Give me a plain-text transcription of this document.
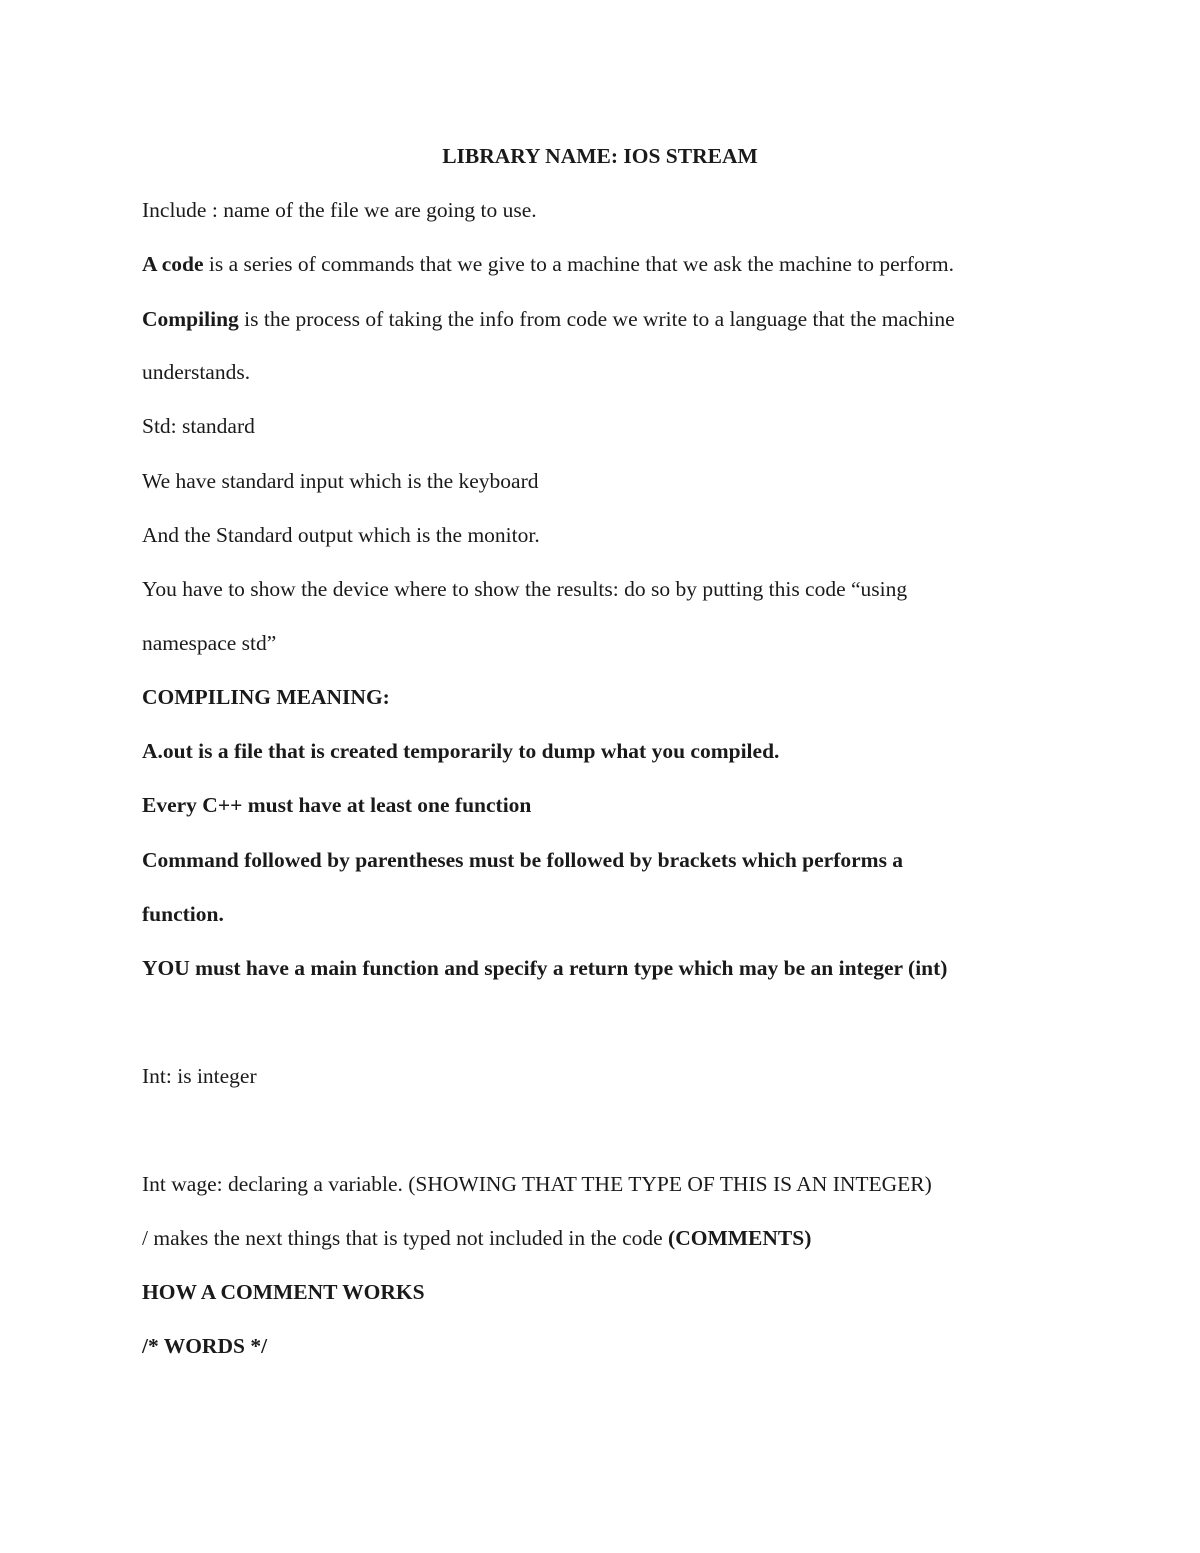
LIBRARY NAME: IOS STREAM
Include : name of the file we are going to use.
A code is a series of commands that we give to a machine that we ask the machine to perform.
Compiling is the process of taking the info from code we write to a language that the machine
understands.
Std: standard
We have standard input which is the keyboard
And the Standard output which is the monitor.
You have to show the device where to show the results: do so by putting this code “using
namespace std”
COMPILING MEANING:
A.out is a file that is created temporarily to dump what you compiled.
Every C++ must have at least one function
Command followed by parentheses must be followed by brackets which performs a
function.
YOU must have a main function and specify a return type which may be an integer (int)
Int: is integer
Int wage: declaring a variable. (SHOWING THAT THE TYPE OF THIS IS AN INTEGER)
/ makes the next things that is typed not included in the code (COMMENTS)
HOW A COMMENT WORKS
/* WORDS */
